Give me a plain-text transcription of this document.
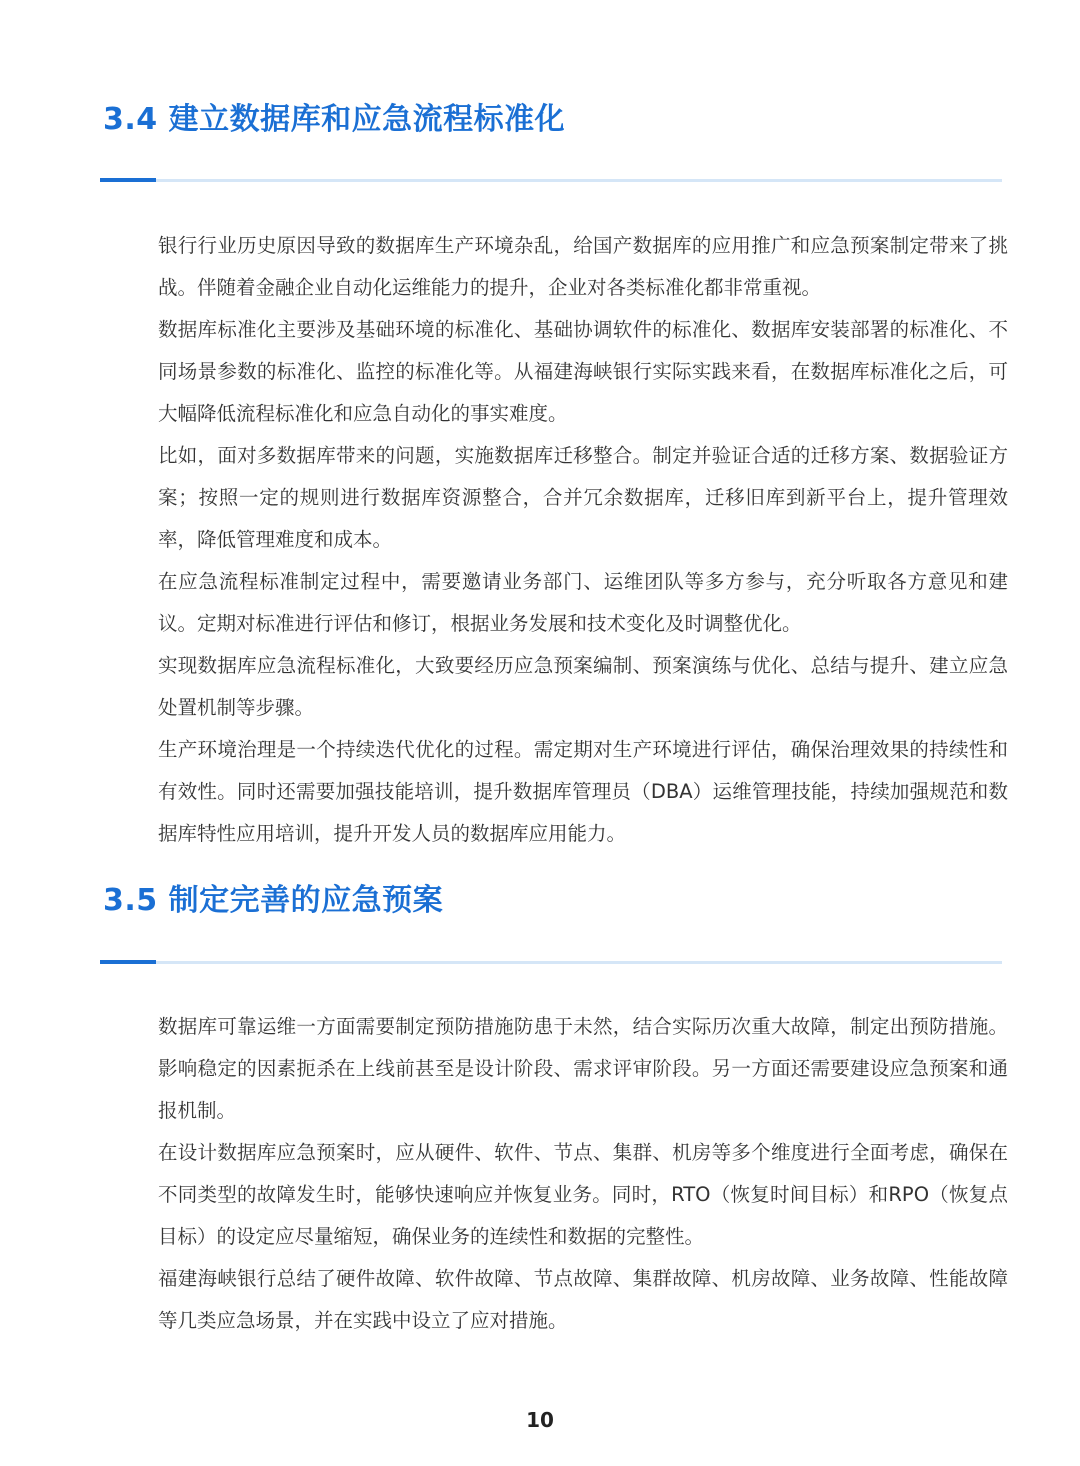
3.4 建立数据库和应急流程标准化

银行行业历史原因导致的数据库生产环境杂乱，给国产数据库的应用推广和应急预案制定带来了挑战。伴随着金融企业自动化运维能力的提升，企业对各类标准化都非常重视。

数据库标准化主要涉及基础环境的标准化、基础协调软件的标准化、数据库安装部署的标准化、不同场景参数的标准化、监控的标准化等。从福建海峡银行实际实践来看，在数据库标准化之后，可大幅降低流程标准化和应急自动化的事实难度。

比如，面对多数据库带来的问题，实施数据库迁移整合。制定并验证合适的迁移方案、数据验证方案；按照一定的规则进行数据库资源整合，合并冗余数据库，迁移旧库到新平台上，提升管理效率，降低管理难度和成本。

在应急流程标准制定过程中，需要邀请业务部门、运维团队等多方参与，充分听取各方意见和建议。定期对标准进行评估和修订，根据业务发展和技术变化及时调整优化。

实现数据库应急流程标准化，大致要经历应急预案编制、预案演练与优化、总结与提升、建立应急处置机制等步骤。

生产环境治理是一个持续迭代优化的过程。需定期对生产环境进行评估，确保治理效果的持续性和有效性。同时还需要加强技能培训，提升数据库管理员（DBA）运维管理技能，持续加强规范和数据库特性应用培训，提升开发人员的数据库应用能力。

3.5 制定完善的应急预案

数据库可靠运维一方面需要制定预防措施防患于未然，结合实际历次重大故障，制定出预防措施。影响稳定的因素扼杀在上线前甚至是设计阶段、需求评审阶段。另一方面还需要建设应急预案和通报机制。

在设计数据库应急预案时，应从硬件、软件、节点、集群、机房等多个维度进行全面考虑，确保在不同类型的故障发生时，能够快速响应并恢复业务。同时，RTO（恢复时间目标）和RPO（恢复点目标）的设定应尽量缩短，确保业务的连续性和数据的完整性。

福建海峡银行总结了硬件故障、软件故障、节点故障、集群故障、机房故障、业务故障、性能故障等几类应急场景，并在实践中设立了应对措施。

10
